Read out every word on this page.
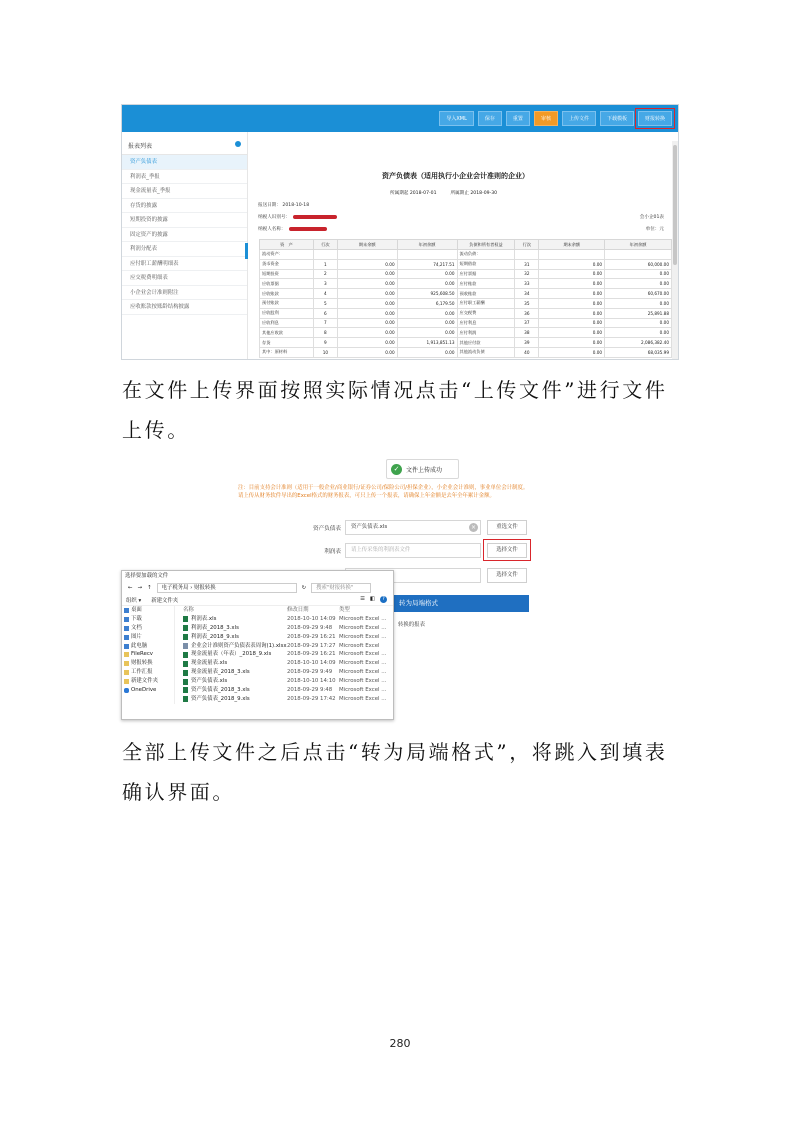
导入XML	保存	重置	审核	上传文件	下载模板	财报转换
报表列表
资产负债表
利润表_季报
现金流量表_季报
存货的披露
短期投资的披露
固定资产的披露
利润分配表
应付职工薪酬明细表
应交税费明细表
小企业会计准则附注
应收账款按账龄结构披露
资产负债表（适用执行小企业会计准则的企业）
所属期起 2018-07-01	所属期止 2018-09-30
报送日期： 2018-10-18
纳税人识别号：
纳税人名称：
会小企01表
单位：元
资　产	行次	期末余额	年初余额	负债和所有者权益	行次	期末余额	年初余额
流动资产：				流动负债：			
货币资金	1	0.00	74,217.51	短期借款	31	0.00	60,000.00
短期投资	2	0.00	0.00	应付票据	32	0.00	0.00
应收票据	3	0.00	0.00	应付账款	33	0.00	0.00
应收账款	4	0.00	925,608.50	预收账款	34	0.00	60,670.00
预付账款	5	0.00	6,179.50	应付职工薪酬	35	0.00	0.00
应收股利	6	0.00	0.00	应交税费	36	0.00	25,891.88
应收利息	7	0.00	0.00	应付利息	37	0.00	0.00
其他应收款	8	0.00	0.00	应付利润	38	0.00	0.00
存货	9	0.00	1,913,851.13	其他应付款	39	0.00	2,086,382.40
其中：原材料	10	0.00	0.00	其他流动负债	40	0.00	68,035.99
在文件上传界面按照实际情况点击“上传文件”进行文件上传。
✓	文件上传成功
注：目前支持会计准则（适用于一般企业/商业银行/证券公司/保险公司/担保企业），小企业会计准则，事业单位会计制度。
请上传从财务软件导出的Excel格式的财务报表，可只上传一个报表，请确保上年金额是去年全年累计金额。
资产负债表	资产负债表.xls	×	重选文件
利润表	请上传采集的利润表文件	选择文件
选择文件
转为局端格式
转换的报表
选择要加载的文件
← → ↑	电子税务局 › 财报转换	↻	搜索"财报转换"
组织 ▾ 新建文件夹	☰ ◧	?
桌面
下载
文档
图片
此电脑
FileRecv
财报转换
工作汇报
新建文件夹
OneDrive
名称	修改日期	类型
利润表.xls	2018-10-10 14:09 Microsoft Excel ...
利润表_2018_3.xls	2018-09-29 9:48	Microsoft Excel ...
利润表_2018_9.xls	2018-09-29 16:21 Microsoft Excel ...
企业会计准则资产负债表表周询(1).xlsx 2018-09-29 17:27 Microsoft Excel
现金流量表（年表）_2018_9.xls	2018-09-29 16:21 Microsoft Excel ...
现金流量表.xls	2018-10-10 14:09 Microsoft Excel ...
现金流量表_2018_3.xls	2018-09-29 9:49	Microsoft Excel ...
资产负债表.xls	2018-10-10 14:10 Microsoft Excel ...
资产负债表_2018_3.xls	2018-09-29 9:48	Microsoft Excel ...
资产负债表_2018_9.xls	2018-09-29 17:42 Microsoft Excel ...
全部上传文件之后点击“转为局端格式”，将跳入到填表确认界面。
280
